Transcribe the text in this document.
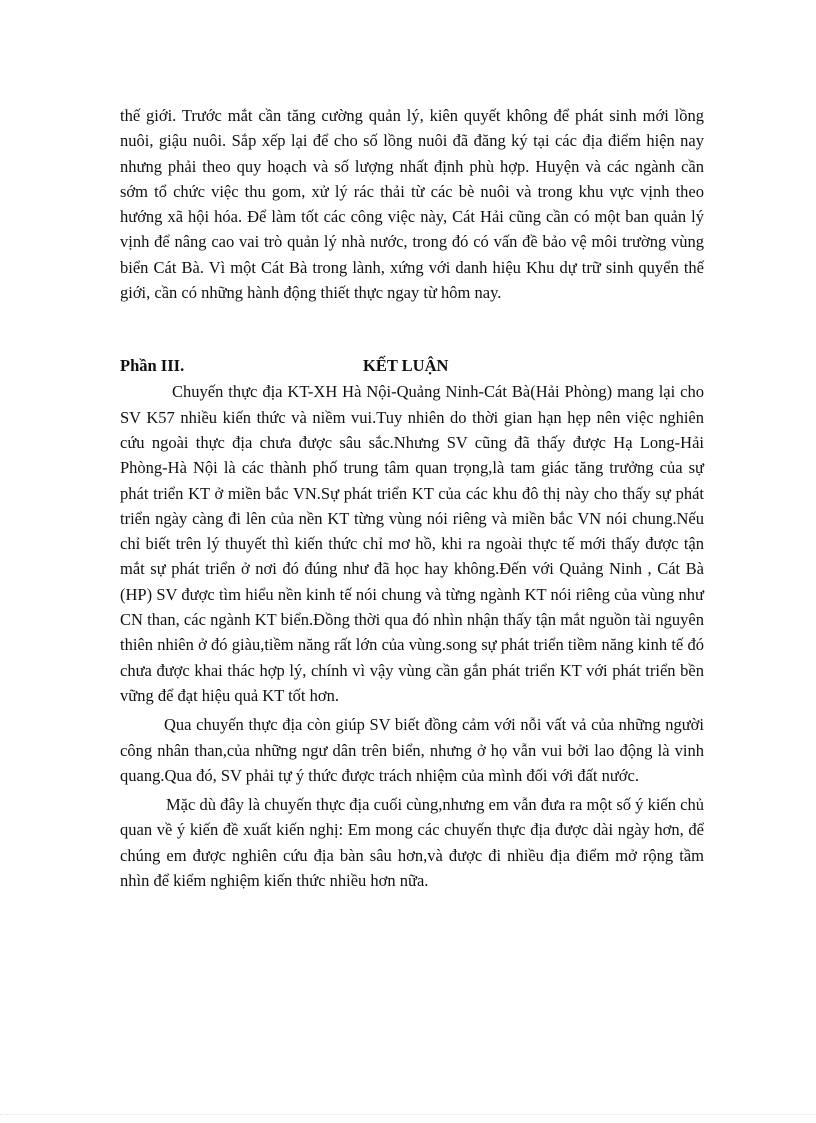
thế giới. Trước mắt cần tăng cường quản lý, kiên quyết không để phát sinh mới lồng nuôi, giậu nuôi. Sắp xếp lại để cho số lồng nuôi đã đăng ký tại các địa điểm hiện nay nhưng phải theo quy hoạch và số lượng nhất định phù hợp. Huyện và các ngành cần sớm tổ chức việc thu gom, xử lý rác thải từ các bè nuôi và trong khu vực vịnh theo hướng xã hội hóa. Để làm tốt các công việc này, Cát Hải cũng cần có một ban quản lý vịnh để nâng cao vai trò quản lý nhà nước, trong đó có vấn đề bảo vệ môi trường vùng biển Cát Bà. Vì một Cát Bà trong lành, xứng với danh hiệu Khu dự trữ sinh quyển thế giới, cần có những hành động thiết thực ngay từ hôm nay.

Phần III.	KẾT LUẬN

Chuyến thực địa KT-XH Hà Nội-Quảng Ninh-Cát Bà(Hải Phòng) mang lại cho SV K57 nhiều kiến thức và niềm vui.Tuy nhiên do thời gian hạn hẹp nên việc nghiên cứu ngoài thực địa chưa được sâu sắc.Nhưng SV cũng đã thấy được Hạ Long-Hải Phòng-Hà Nội là các thành phố trung tâm quan trọng,là tam giác tăng trưởng của sự phát triển KT ở miền bắc VN.Sự phát triển KT của các khu đô thị này cho thấy sự phát triển ngày càng đi lên của nền KT từng vùng nói riêng và miền bắc VN nói chung.Nếu chỉ biết trên lý thuyết thì kiến thức chỉ mơ hồ, khi ra ngoài thực tế mới thấy được tận mắt sự phát triển ở nơi đó đúng như đã học hay không.Đến với Quảng Ninh , Cát Bà (HP) SV được tìm hiểu nền kinh tế nói chung và từng ngành KT nói riêng của vùng như CN than, các ngành KT biển.Đồng thời qua đó nhìn nhận thấy tận mắt nguồn tài nguyên thiên nhiên ở đó giàu,tiềm năng rất lớn của vùng.song sự phát triển tiềm năng kinh tế đó chưa được khai thác hợp lý, chính vì vậy vùng cần gắn phát triển KT với phát triển bền vững để đạt hiệu quả KT tốt hơn.

Qua chuyến thực địa còn giúp SV biết đồng cảm với nỗi vất vả của những người công nhân than,của những ngư dân trên biển, nhưng ở họ vẫn vui bởi lao động là vinh quang.Qua đó, SV phải tự ý thức được trách nhiệm của mình đối với đất nước.

Mặc dù đây là chuyến thực địa cuối cùng,nhưng em vẫn đưa ra một số ý kiến chủ quan về ý kiến đề xuất kiến nghị: Em mong các chuyến thực địa được dài ngày hơn, để chúng em được nghiên cứu địa bàn sâu hơn,và được đi nhiều địa điểm mở rộng tầm nhìn để kiểm nghiệm kiến thức nhiều hơn nữa.
